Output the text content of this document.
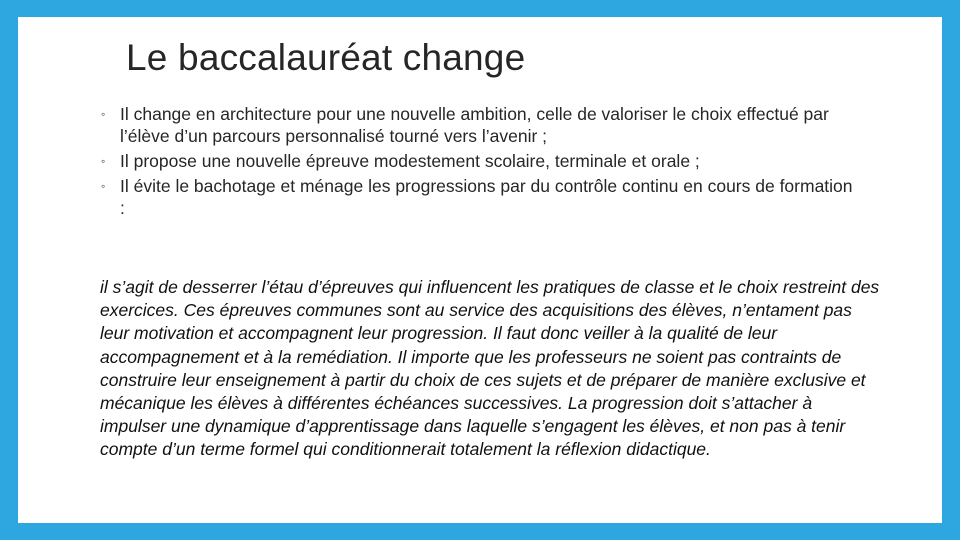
Le baccalauréat change
◦ Il change en architecture pour une nouvelle ambition, celle de valoriser le choix effectué par l’élève d’un parcours personnalisé tourné vers l’avenir ;
◦ Il propose une nouvelle épreuve modestement scolaire, terminale et orale ;
◦ Il évite le bachotage et ménage les progressions par du contrôle continu en cours de formation :

il s’agit de desserrer l’étau d’épreuves qui influencent les pratiques de classe et le choix restreint des exercices. Ces épreuves communes sont au service des acquisitions des élèves, n’entament pas leur motivation et accompagnent leur progression. Il faut donc veiller à la qualité de leur accompagnement et à la remédiation. Il importe que les professeurs ne soient pas contraints de construire leur enseignement à partir du choix de ces sujets et de préparer de manière exclusive et mécanique les élèves à différentes échéances successives. La progression doit s’attacher à impulser une dynamique d’apprentissage dans laquelle s’engagent les élèves, et non pas à tenir compte d’un terme formel qui conditionnerait totalement la réflexion didactique.
